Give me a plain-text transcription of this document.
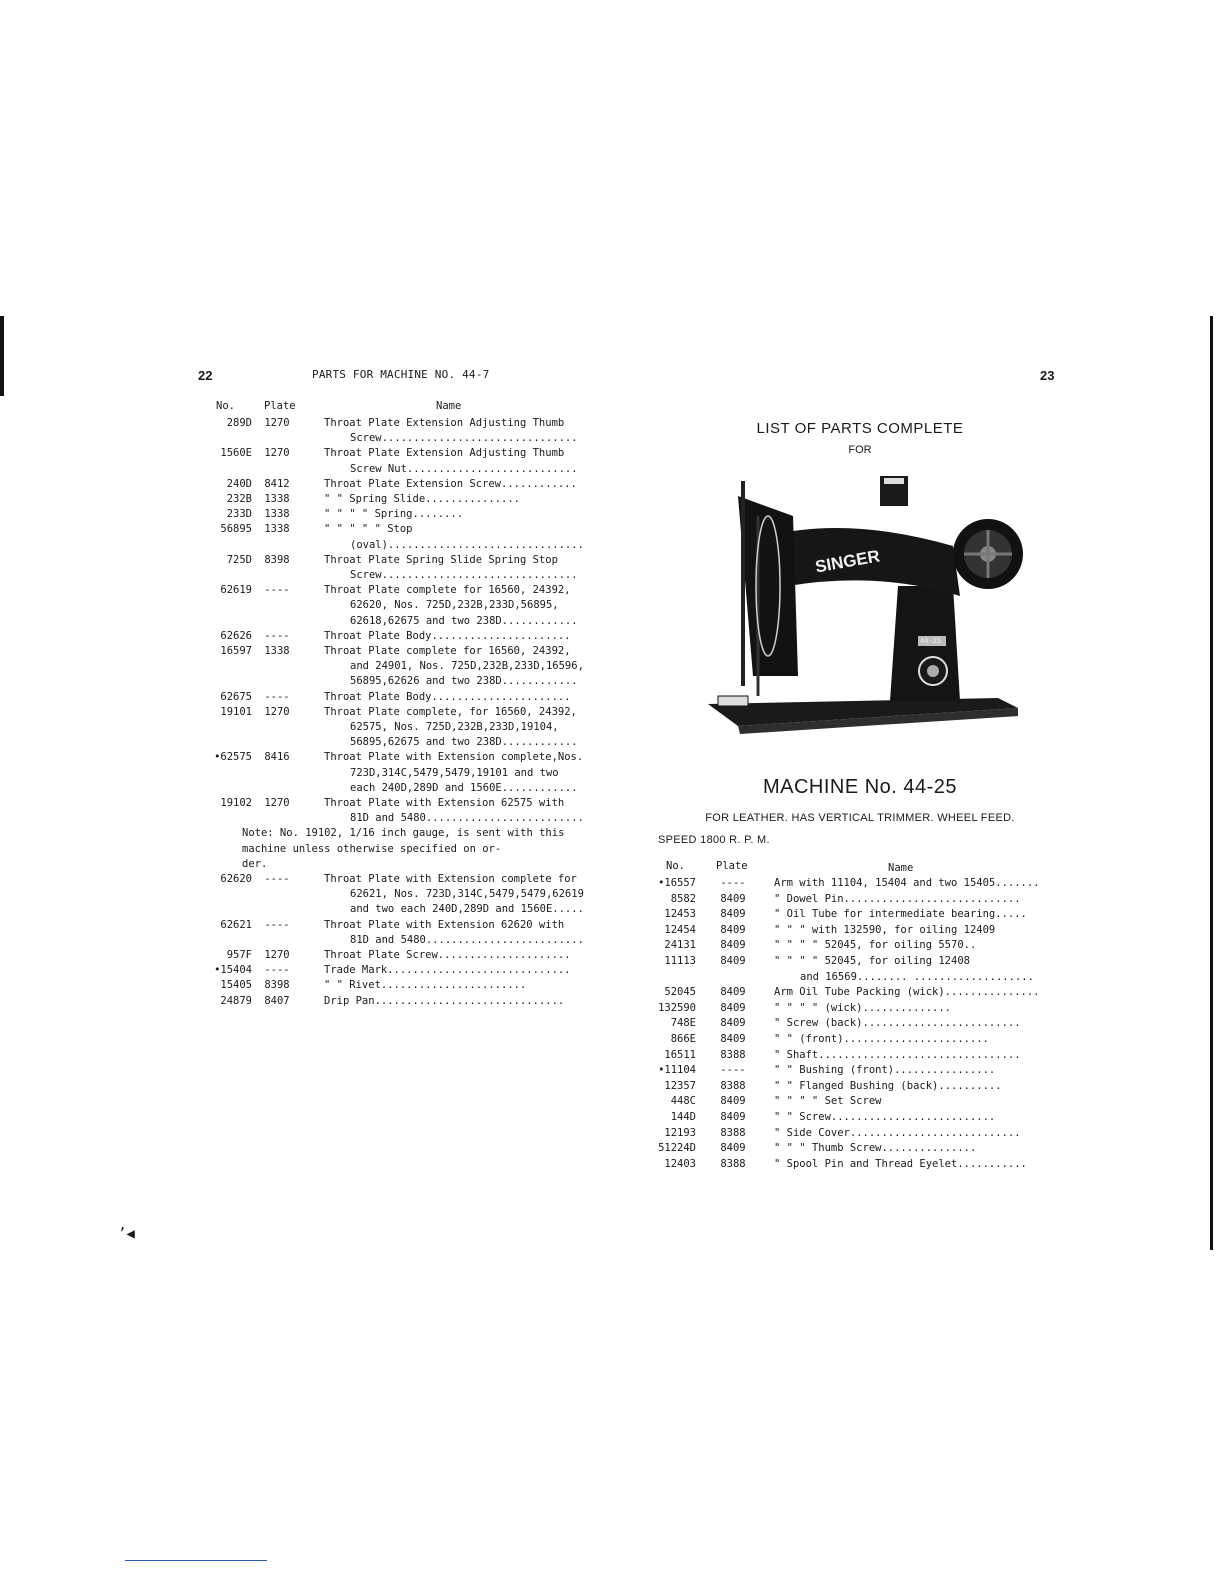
22	PARTS FOR MACHINE NO. 44-7
No.	Plate	Name
289D	1270	Throat Plate Extension Adjusting Thumb
Screw...............................
1560E	1270	Throat Plate Extension Adjusting Thumb
Screw Nut...........................
240D	8412	Throat Plate Extension Screw............
232B	1338	" " Spring Slide...............
233D	1338	" " " " Spring........
56895	1338	" " " " " Stop
(oval)...............................
725D	8398	Throat Plate Spring Slide Spring Stop
Screw...............................
62619	----	Throat Plate complete for 16560, 24392,
62620, Nos. 725D,232B,233D,56895,
62618,62675 and two 238D............
62626	----	Throat Plate Body......................
16597	1338	Throat Plate complete for 16560, 24392,
and 24901, Nos. 725D,232B,233D,16596,
56895,62626 and two 238D............
62675	----	Throat Plate Body......................
19101	1270	Throat Plate complete, for 16560, 24392,
62575, Nos. 725D,232B,233D,19104,
56895,62675 and two 238D............
•62575	8416	Throat Plate with Extension complete,Nos.
723D,314C,5479,5479,19101 and two
each 240D,289D and 1560E............
19102	1270	Throat Plate with Extension 62575 with
81D and 5480.........................
Note: No. 19102, 1/16 inch gauge, is sent with this
machine unless otherwise specified on or-
der.
62620	----	Throat Plate with Extension complete for
62621, Nos. 723D,314C,5479,5479,62619
and two each 240D,289D and 1560E.....
62621	----	Throat Plate with Extension 62620 with
81D and 5480.........................
957F	1270	Throat Plate Screw.....................
•15404	----	Trade Mark.............................
15405	8398	" " Rivet.......................
24879	8407	Drip Pan..............................
23
LIST OF PARTS COMPLETE
FOR
SINGER
44-25
MACHINE No. 44-25
FOR LEATHER. HAS VERTICAL TRIMMER. WHEEL FEED.
SPEED 1800 R. P. M.
No.	Plate	Name
•16557	----	Arm with 11104, 15404 and two 15405.......
8582	8409	" Dowel Pin............................
12453	8409	" Oil Tube for intermediate bearing.....
12454	8409	" " " with 132590, for oiling 12409
24131	8409	" " " " 52045, for oiling 5570..
11113	8409	" " " " 52045, for oiling 12408
and 16569........ ...................
52045	8409	Arm Oil Tube Packing (wick)...............
132590	8409	" " " " (wick)..............
748E	8409	" Screw (back).........................
866E	8409	" " (front).......................
16511	8388	" Shaft................................
•11104	----	" " Bushing (front)................
12357	8388	" " Flanged Bushing (back)..........
448C	8409	" " " " Set Screw
144D	8409	" " Screw..........................
12193	8388	" Side Cover...........................
51224D	8409	" " " Thumb Screw...............
12403	8388	" Spool Pin and Thread Eyelet...........
’◀
